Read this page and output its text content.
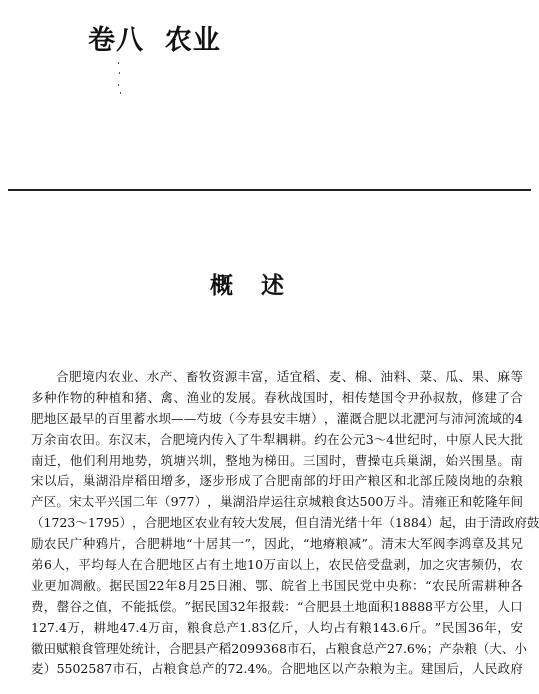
卷八  农业
概述
合 肥 境 内 农 业 、 水 产 、 畜 牧 资 源 丰 富 ， 适 宜 稻 、 麦 、 棉 、 油 料 、 菜 、 瓜 、 果 、 麻 等
多 种 作 物 的 种 植 和 猪 、 禽 、 渔 业 的 发 展 。 春 秋 战 国 时 ， 相 传 楚 国 令 尹 孙 叔 敖 ， 修 建 了 合
肥 地 区 最 早 的 百 里 蓄 水 坝 — — 芍 坡 （ 今 寿 县 安 丰 塘 ） ， 灌 溉 合 肥 以 北 淝 河 与 沛 河 流 域 的 4
万 余 亩 农 田 。 东 汉 末 ， 合 肥 境 内 传 入 了 牛 犁 耦 耕 。 约 在 公 元 3～4 世 纪 时 ， 中 原 人 民 大 批
南 迁 ， 他 们 利 用 地 势 ， 筑 塘 兴 圳 ， 整 地 为 梯 田 。 三 国 时 ， 曹 操 屯 兵 巢 湖 ， 始 兴 围 垦 。 南
宋 以 后 ， 巢 湖 沿 岸 稻 田 增 多 ， 逐 步 形 成 了 合 肥 南 部 的 圩 田 产 粮 区 和 北 部 丘 陵 岗 地 的 杂 粮
产 区 。 宋 太 平 兴 国 二 年 （ 977 ） ， 巢 湖 沿 岸 运 往 京 城 粮 食 达 500 万 斗 。 清 雍 正 和 乾 隆 年 间
（ 1723～1795 ） ， 合 肥 地 区 农 业 有 较 大 发 展 ， 但 自 清 光 绪 十 年 （ 1884 ） 起 ， 由 于 清 政 府 鼓
励 农 民 广 种 鸦 片 ， 合 肥 耕 地 “ 十 居 其 一 ” ， 因 此 ， “ 地 瘠 粮 减 ” 。 清 末 大 军 阀 李 鸿 章 及 其 兄
弟 6 人 ， 平 均 每 人 在 合 肥 地 区 占 有 土 地 10 万 亩 以 上 ， 农 民 倍 受 盘 剥 ， 加 之 灾 害 频 仍 ， 农
业 更 加 凋 敝 。 据 民 国 22 年 8 月 25 日 湘 、 鄂 、 皖 省 上 书 国 民 党 中 央 称 ： “ 农 民 所 需 耕 种 各
费 ， 罄 谷 之 值 ， 不 能 抵 偿 。 ” 据 民 国 32 年 报 载 ： “ 合 肥 县 土 地 面 积 18888 平 方 公 里 ， 人 口
127.4 万 ， 耕 地 47.4 万 亩 ， 粮 食 总 产 1.83 亿 斤 ， 人 均 占 有 粮 143.6 斤 。 ” 民 国 36 年 ， 安
徽 田 赋 粮 食 管 理 处 统 计 ， 合 肥 县 产 稻 2099368 市 石 ， 占 粮 食 总 产 27.6% ； 产 杂 粮 （ 大 、 小
麦 ） 5502587 市 石 ， 占 粮 食 总 产 的 72.4% 。 合 肥 地 区 以 产 杂 粮 为 主 。 建 国 后 ， 人 民 政 府
